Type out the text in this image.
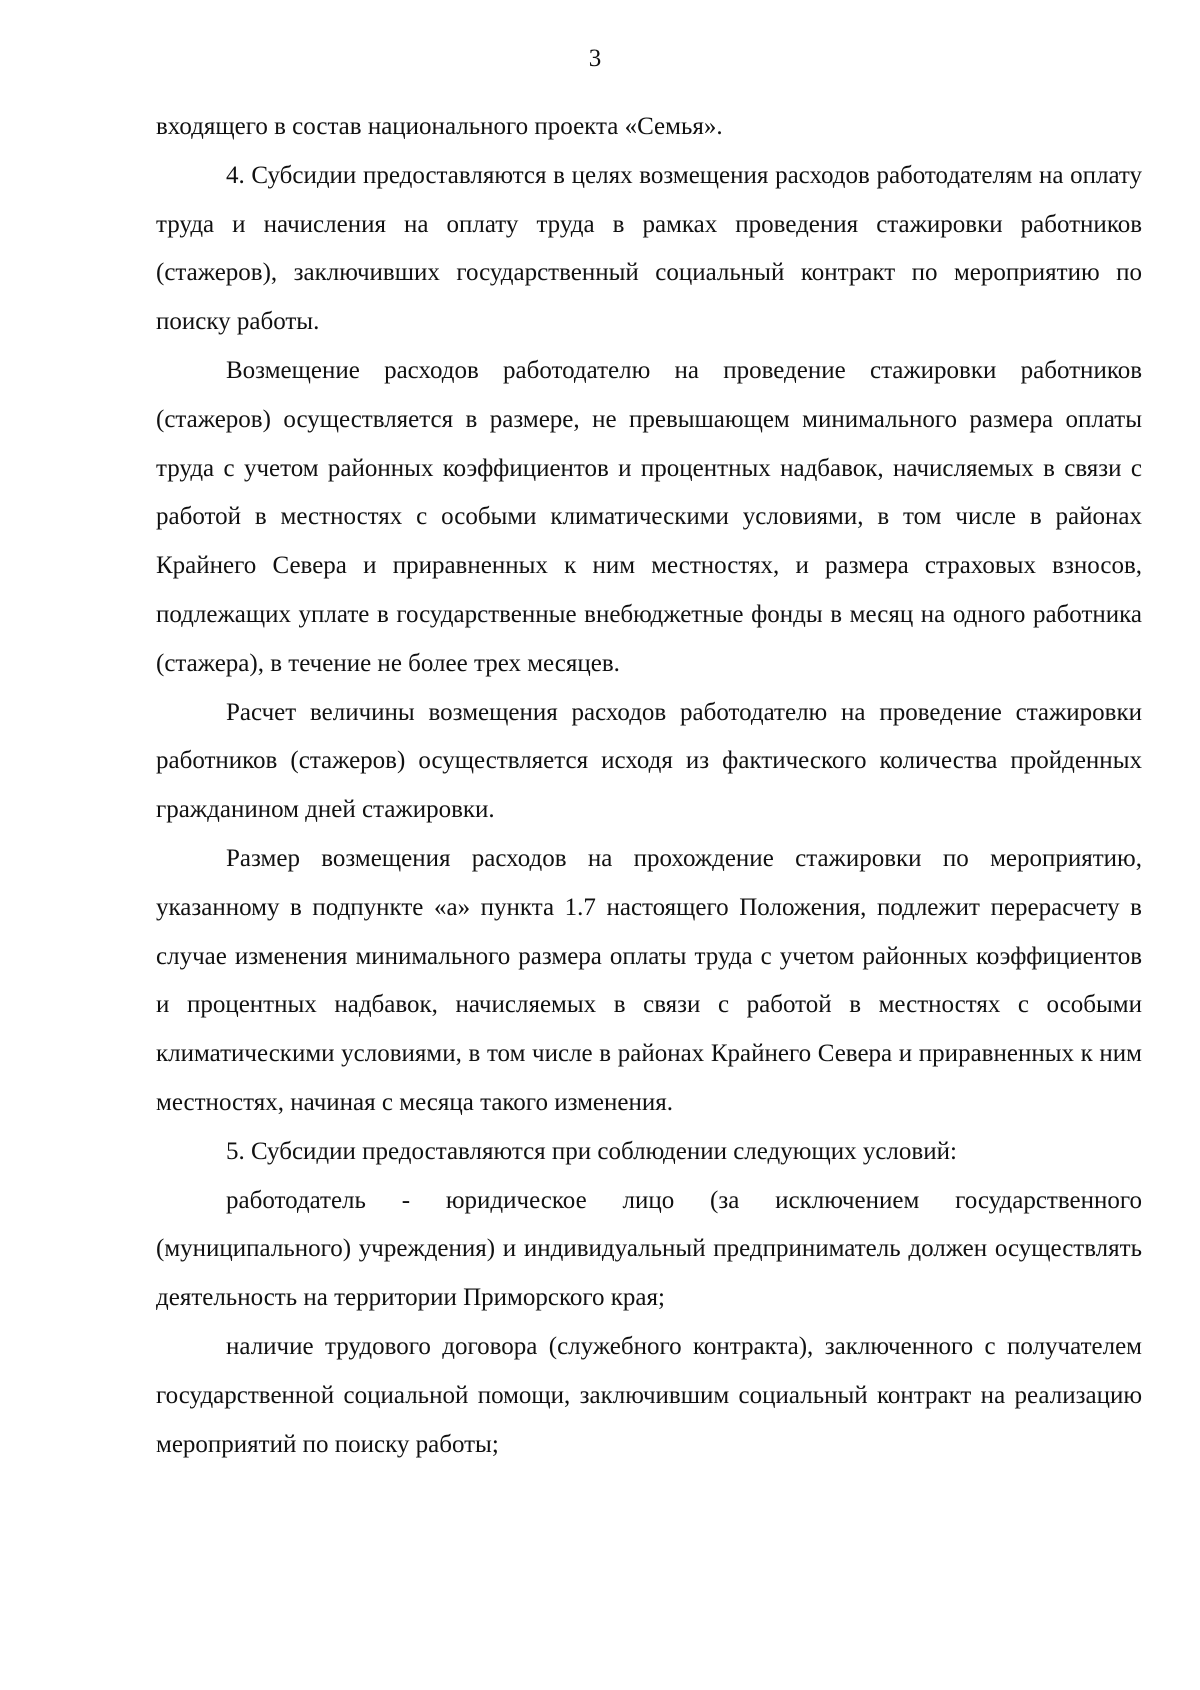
3

входящего в состав национального проекта «Семья».

4. Субсидии предоставляются в целях возмещения расходов работодателям на оплату труда и начисления на оплату труда в рамках проведения стажировки работников (стажеров), заключивших государственный социальный контракт по мероприятию по поиску работы.

Возмещение расходов работодателю на проведение стажировки работников (стажеров) осуществляется в размере, не превышающем минимального размера оплаты труда с учетом районных коэффициентов и процентных надбавок, начисляемых в связи с работой в местностях с особыми климатическими условиями, в том числе в районах Крайнего Севера и приравненных к ним местностях, и размера страховых взносов, подлежащих уплате в государственные внебюджетные фонды в месяц на одного работника (стажера), в течение не более трех месяцев.

Расчет величины возмещения расходов работодателю на проведение стажировки работников (стажеров) осуществляется исходя из фактического количества пройденных гражданином дней стажировки.

Размер возмещения расходов на прохождение стажировки по мероприятию, указанному в подпункте «а» пункта 1.7 настоящего Положения, подлежит перерасчету в случае изменения минимального размера оплаты труда с учетом районных коэффициентов и процентных надбавок, начисляемых в связи с работой в местностях с особыми климатическими условиями, в том числе в районах Крайнего Севера и приравненных к ним местностях, начиная с месяца такого изменения.

5. Субсидии предоставляются при соблюдении следующих условий:

работодатель - юридическое лицо (за исключением государственного (муниципального) учреждения) и индивидуальный предприниматель должен осуществлять деятельность на территории Приморского края;

наличие трудового договора (служебного контракта), заключенного с получателем государственной социальной помощи, заключившим социальный контракт на реализацию мероприятий по поиску работы;
